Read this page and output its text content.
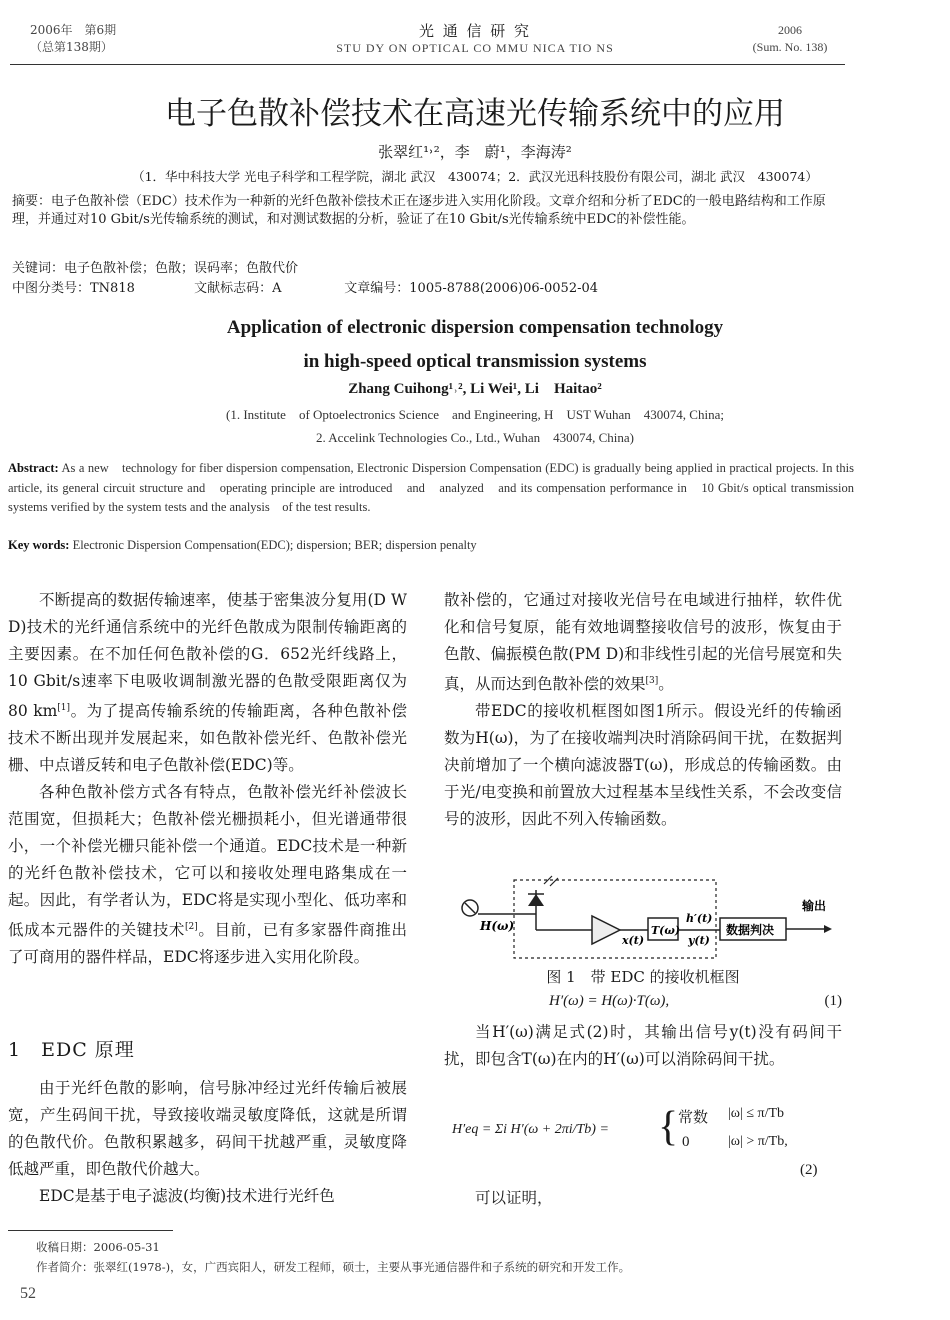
2006年　第6期
（总第138期）
光 通 信 研 究
STU DY ON OPTICAL CO MMU NICA TIO NS
2006
(Sum. No. 138)
电子色散补偿技术在高速光传输系统中的应用
张翠红¹˒²，李　蔚¹，李海涛²
（1．华中科技大学 光电子科学和工程学院，湖北 武汉　430074；2．武汉光迅科技股份有限公司，湖北 武汉　430074）
摘要：电子色散补偿（EDC）技术作为一种新的光纤色散补偿技术正在逐步进入实用化阶段。文章介绍和分析了EDC的一般电路结构和工作原理，并通过对10 Gbit/s光传输系统的测试，和对测试数据的分析，验证了在10 Gbit/s光传输系统中EDC的补偿性能。
关键词：电子色散补偿；色散；误码率；色散代价
中图分类号：TN818	文献标志码：A	文章编号：1005-8788(2006)06-0052-04
Application of electronic dispersion compensation technology
in high-speed optical transmission systems
Zhang Cuihong¹˒², Li Wei¹, Li　Haitao²
(1. Institute　of Optoelectronics Science　and Engineering, H　UST Wuhan　430074, China;
2. Accelink Technologies Co., Ltd., Wuhan　430074, China)
Abstract: As a new　technology for fiber dispersion compensation, Electronic Dispersion Compensation (EDC) is gradually being applied in practical projects. In this article, its general circuit structure and　operating principle are introduced　and　analyzed　and its compensation performance in　10 Gbit/s optical transmission　systems verified by the system tests and the analysis　of the test results.
Key words: Electronic Dispersion Compensation(EDC); dispersion; BER; dispersion penalty

不断提高的数据传输速率，使基于密集波分复用(D W D)技术的光纤通信系统中的光纤色散成为限制传输距离的主要因素。在不加任何色散补偿的G．652光纤线路上，10 Gbit/s速率下电吸收调制激光器的色散受限距离仅为80 km[1]。为了提高传输系统的传输距离，各种色散补偿技术不断出现并发展起来，如色散补偿光纤、色散补偿光栅、中点谱反转和电子色散补偿(EDC)等。

各种色散补偿方式各有特点，色散补偿光纤补偿波长范围宽，但损耗大；色散补偿光栅损耗小，但光谱通带很小，一个补偿光栅只能补偿一个通道。EDC技术是一种新的光纤色散补偿技术，它可以和接收处理电路集成在一起。因此，有学者认为，EDC将是实现小型化、低功率和低成本元器件的关键技术[2]。目前，已有多家器件商推出了可商用的器件样品，EDC将逐步进入实用化阶段。

1　EDC 原理

由于光纤色散的影响，信号脉冲经过光纤传输后被展宽，产生码间干扰，导致接收端灵敏度降低，这就是所谓的色散代价。色散积累越多，码间干扰越严重，灵敏度降低越严重，即色散代价越大。

EDC是基于电子滤波(均衡)技术进行光纤色

散补偿的，它通过对接收光信号在电域进行抽样，软件优化和信号复原，能有效地调整接收信号的波形，恢复由于色散、偏振模色散(PM D)和非线性引起的光信号展宽和失真，从而达到色散补偿的效果[3]。

带EDC的接收机框图如图1所示。假设光纤的传输函数为H(ω)，为了在接收端判决时消除码间干扰，在数据判决前增加了一个横向滤波器T(ω)，形成总的传输函数。由于光/电变换和前置放大过程基本呈线性关系，不会改变信号的波形，因此不列入传输函数。

H(ω)
x(t)
T(ω)
h′(t)
y(t)
数据判决
输出
图 1　带 EDC 的接收机框图
H′(ω) = H(ω)·T(ω),	(1)

当H′(ω)满足式(2)时，其输出信号y(t)没有码间干扰，即包含T(ω)在内的H′(ω)可以消除码间干扰。

H′eq = Σi H′(ω + 2πi/Tb) = { 常数 |ω| ≤ π/Tb
0	|ω| > π/Tb,
(2)

可以证明，

收稿日期：2006-05-31
作者简介：张翠红(1978-)，女，广西宾阳人，研发工程师，硕士，主要从事光通信器件和子系统的研究和开发工作。
52
